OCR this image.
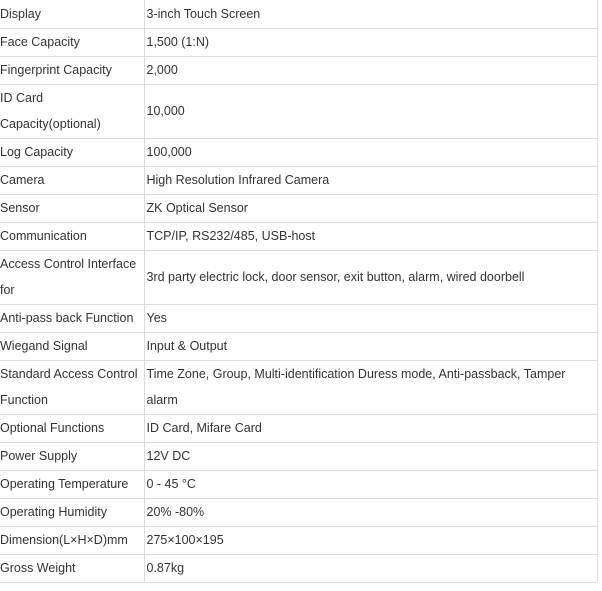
Display	3-inch Touch Screen
Face Capacity	1,500 (1:N)
Fingerprint Capacity	2,000
ID Card Capacity(optional)	10,000
Log Capacity	100,000
Camera	High Resolution Infrared Camera
Sensor	ZK Optical Sensor
Communication	TCP/IP, RS232/485, USB-host
Access Control Interface for	3rd party electric lock, door sensor, exit button, alarm, wired doorbell
Anti-pass back Function	Yes
Wiegand Signal	Input & Output
Standard Access Control Function	Time Zone, Group, Multi-identification Duress mode, Anti-passback, Tamper alarm
Optional Functions	ID Card, Mifare Card
Power Supply	12V DC
Operating Temperature	0 - 45 °C
Operating Humidity	20% -80%
Dimension(L×H×D)mm	275×100×195
Gross Weight	0.87kg
